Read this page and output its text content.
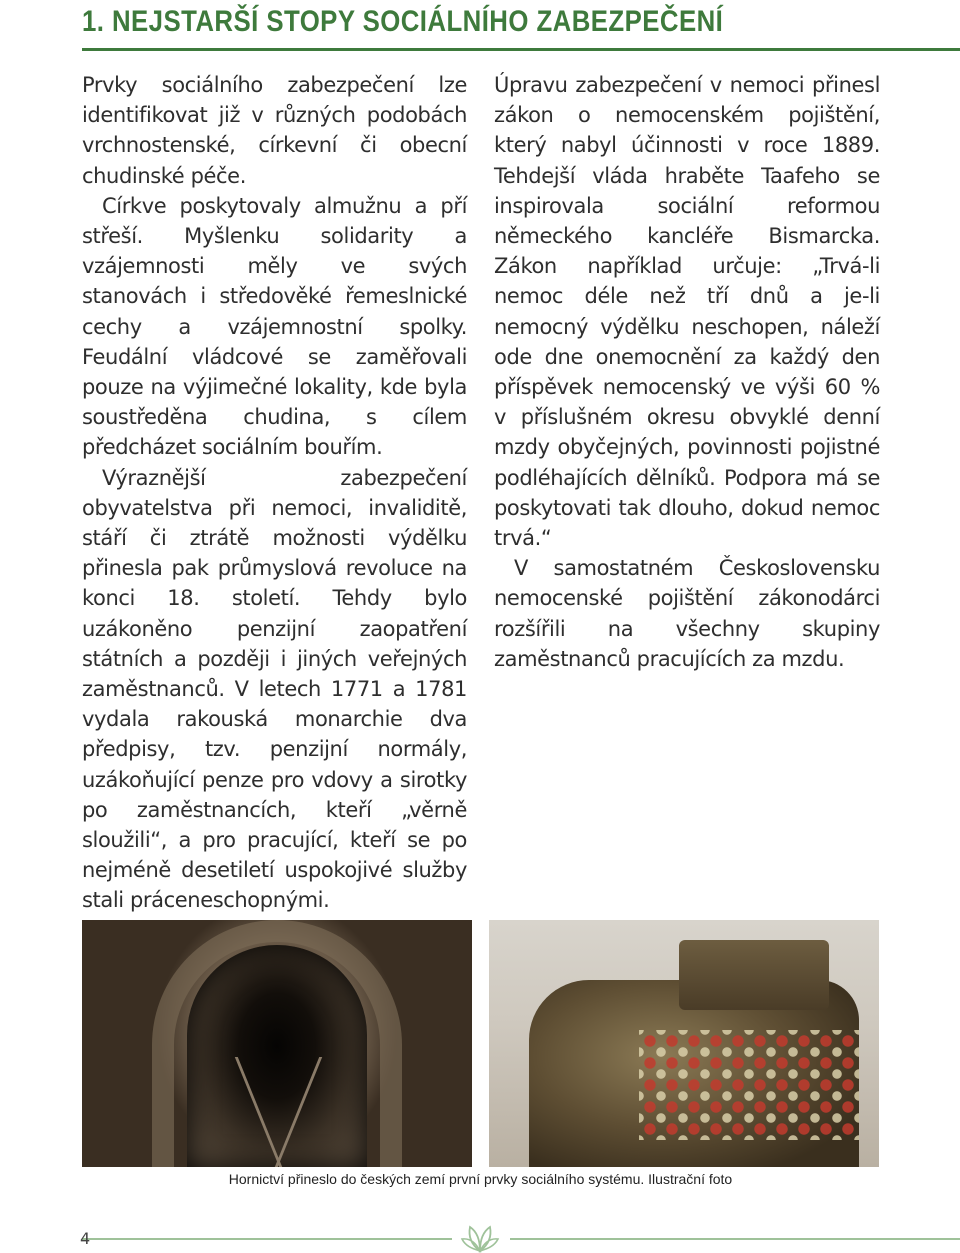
1. NEJSTARŠÍ STOPY SOCIÁLNÍHO ZABEZPEČENÍ

Prvky sociálního zabezpečení lze identifikovat již v různých podobách vrchnostenské, církevní či obecní chudinské péče.

Církve poskytovaly almužnu a pří střeší. Myšlenku solidarity a vzájemnosti měly ve svých stanovách i středověké řemeslnické cechy a vzájemnostní spolky. Feudální vládcové se zaměřovali pouze na výjimečné lokality, kde byla soustředěna chudina, s cílem předcházet sociálním bouřím.

Výraznější zabezpečení obyvatelstva při nemoci, invaliditě, stáří či ztrátě možnosti výdělku přinesla pak průmyslová revoluce na konci 18. století. Tehdy bylo uzákoněno penzijní zaopatření státních a později i jiných veřejných zaměstnanců. V letech 1771 a 1781 vydala rakouská monarchie dva předpisy, tzv. penzijní normály, uzákoňující penze pro vdovy a sirotky po zaměstnancích, kteří „věrně sloužili“, a pro pracující, kteří se po nejméně desetiletí uspokojivé služby stali práceneschopnými.

Úpravu zabezpečení v nemoci přinesl zákon o nemocenském pojištění, který nabyl účinnosti v roce 1889. Tehdejší vláda hraběte Taafeho se inspirovala sociální reformou německého kancléře Bismarcka. Zákon například určuje: „Trvá-li nemoc déle než tří dnů a je-li nemocný výdělku neschopen, náleží ode dne onemocnění za každý den příspěvek nemocenský ve výši 60 % v příslušném okresu obvyklé denní mzdy obyčejných, povinnosti pojistné podléhajících dělníků. Podpora má se poskytovati tak dlouho, dokud nemoc trvá.“

V samostatném Československu nemocenské pojištění zákonodárci rozšířili na všechny skupiny zaměstnanců pracujících za mzdu.

Hornictví přineslo do českých zemí první prvky sociálního systému. Ilustrační foto
4
